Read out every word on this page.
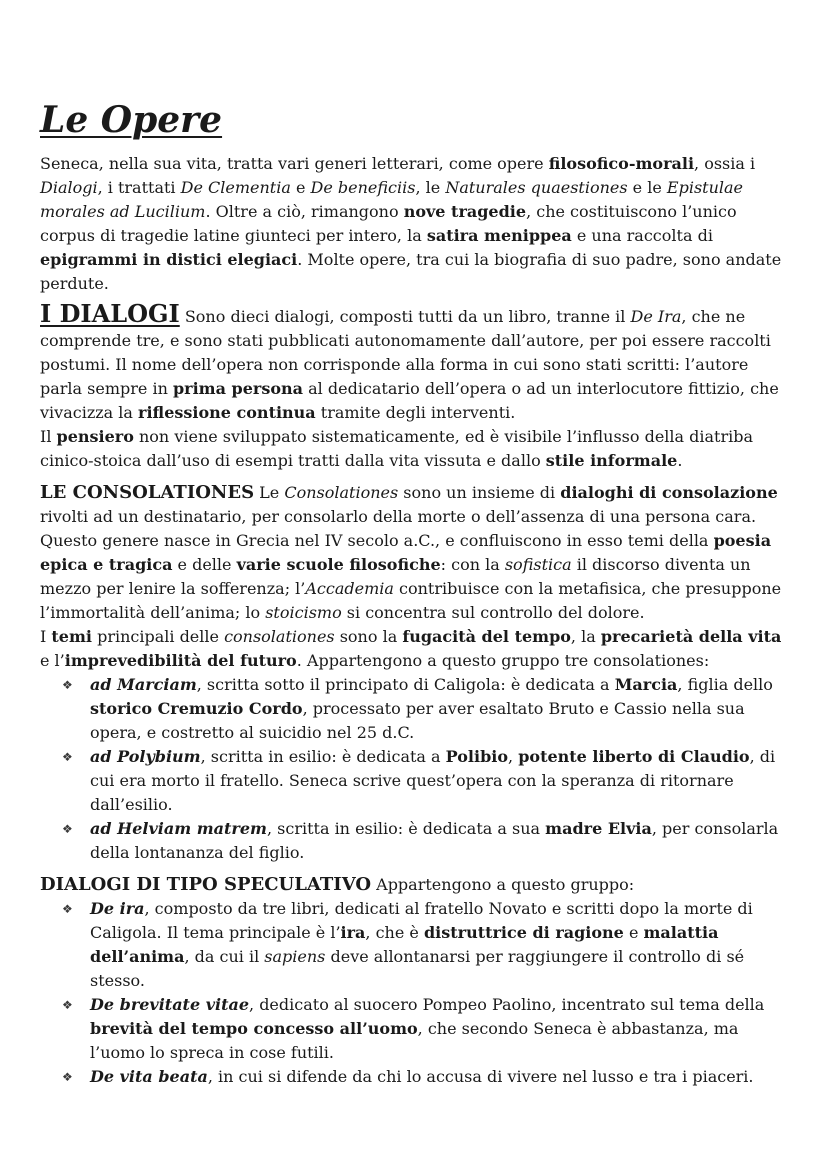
Le Opere

Seneca, nella sua vita, tratta vari generi letterari, come opere filosofico-morali, ossia i Dialogi, i trattati De Clementia e De beneficiis, le Naturales quaestiones e le Epistulae morales ad Lucilium. Oltre a ciò, rimangono nove tragedie, che costituiscono l’unico corpus di tragedie latine giunteci per intero, la satira menippea e una raccolta di epigrammi in distici elegiaci. Molte opere, tra cui la biografia di suo padre, sono andate perdute.

I DIALOGI Sono dieci dialogi, composti tutti da un libro, tranne il De Ira, che ne comprende tre, e sono stati pubblicati autonomamente dall’autore, per poi essere raccolti postumi. Il nome dell’opera non corrisponde alla forma in cui sono stati scritti: l’autore parla sempre in prima persona al dedicatario dell’opera o ad un interlocutore fittizio, che vivacizza la riflessione continua tramite degli interventi.

Il pensiero non viene sviluppato sistematicamente, ed è visibile l’influsso della diatriba cinico-stoica dall’uso di esempi tratti dalla vita vissuta e dallo stile informale.

LE CONSOLATIONES Le Consolationes sono un insieme di dialoghi di consolazione rivolti ad un destinatario, per consolarlo della morte o dell’assenza di una persona cara. Questo genere nasce in Grecia nel IV secolo a.C., e confluiscono in esso temi della poesia epica e tragica e delle varie scuole filosofiche: con la sofistica il discorso diventa un mezzo per lenire la sofferenza; l’Accademia contribuisce con la metafisica, che presuppone l’immortalità dell’anima; lo stoicismo si concentra sul controllo del dolore.

I temi principali delle consolationes sono la fugacità del tempo, la precarietà della vita e l’imprevedibilità del futuro. Appartengono a questo gruppo tre consolationes:

❖ ad Marciam, scritta sotto il principato di Caligola: è dedicata a Marcia, figlia dello storico Cremuzio Cordo, processato per aver esaltato Bruto e Cassio nella sua opera, e costretto al suicidio nel 25 d.C.
❖ ad Polybium, scritta in esilio: è dedicata a Polibio, potente liberto di Claudio, di cui era morto il fratello. Seneca scrive quest’opera con la speranza di ritornare dall’esilio.
❖ ad Helviam matrem, scritta in esilio: è dedicata a sua madre Elvia, per consolarla della lontananza del figlio.

DIALOGI DI TIPO SPECULATIVO Appartengono a questo gruppo:

❖ De ira, composto da tre libri, dedicati al fratello Novato e scritti dopo la morte di Caligola. Il tema principale è l’ira, che è distruttrice di ragione e malattia dell’anima, da cui il sapiens deve allontanarsi per raggiungere il controllo di sé stesso.
❖ De brevitate vitae, dedicato al suocero Pompeo Paolino, incentrato sul tema della brevità del tempo concesso all’uomo, che secondo Seneca è abbastanza, ma l’uomo lo spreca in cose futili.
❖ De vita beata, in cui si difende da chi lo accusa di vivere nel lusso e tra i piaceri.
